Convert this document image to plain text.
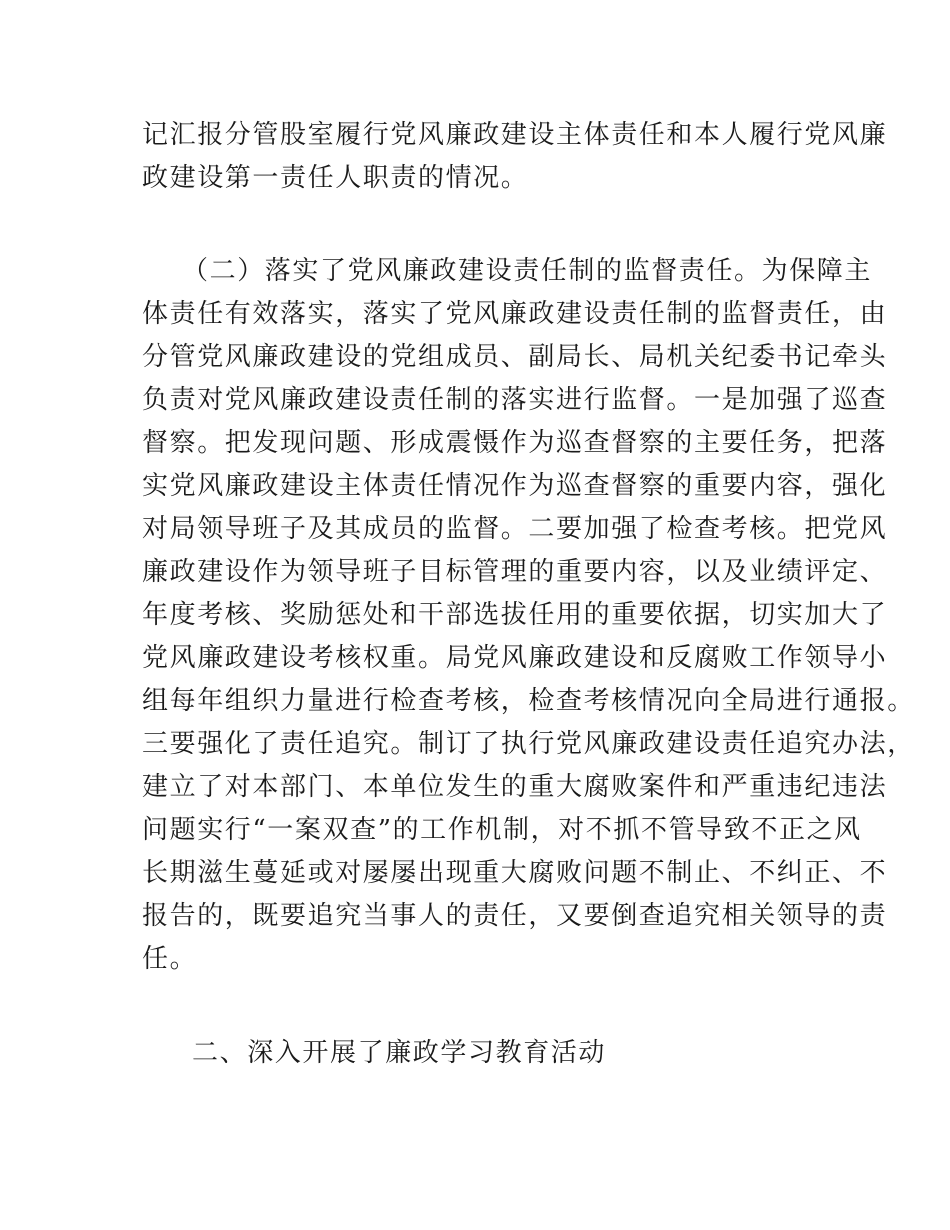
记汇报分管股室履行党风廉政建设主体责任和本人履行党风廉
政建设第一责任人职责的情况。
（二）落实了党风廉政建设责任制的监督责任。为保障主
体责任有效落实，落实了党风廉政建设责任制的监督责任，由
分管党风廉政建设的党组成员、副局长、局机关纪委书记牵头
负责对党风廉政建设责任制的落实进行监督。一是加强了巡查
督察。把发现问题、形成震慑作为巡查督察的主要任务，把落
实党风廉政建设主体责任情况作为巡查督察的重要内容，强化
对局领导班子及其成员的监督。二要加强了检查考核。把党风
廉政建设作为领导班子目标管理的重要内容，以及业绩评定、
年度考核、奖励惩处和干部选拔任用的重要依据，切实加大了
党风廉政建设考核权重。局党风廉政建设和反腐败工作领导小
组每年组织力量进行检查考核，检查考核情况向全局进行通报。
三要强化了责任追究。制订了执行党风廉政建设责任追究办法，
建立了对本部门、本单位发生的重大腐败案件和严重违纪违法
问题实行“一案双查”的工作机制，对不抓不管导致不正之风
长期滋生蔓延或对屡屡出现重大腐败问题不制止、不纠正、不
报告的，既要追究当事人的责任，又要倒查追究相关领导的责
任。
二、深入开展了廉政学习教育活动
